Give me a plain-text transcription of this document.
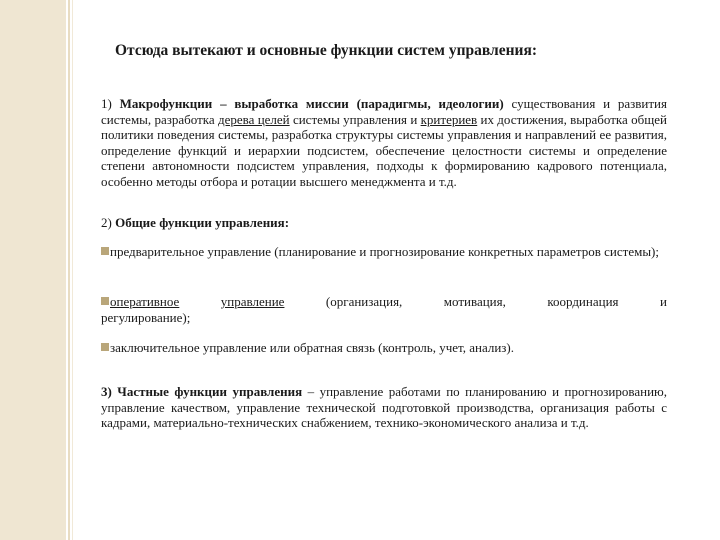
Отсюда вытекают и основные функции систем управления:
1) Макрофункции – выработка миссии (парадигмы, идеологии) существования и развития системы, разработка дерева целей системы управления и критериев их достижения, выработка общей политики поведения системы, разработка структуры системы управления и направлений ее развития, определение функций и иерархии подсистем, обеспечение целостности системы и определение степени автономности подсистем управления, подходы к формированию кадрового потенциала, особенно методы отбора и ротации высшего менеджмента и т.д.
2) Общие функции управления:
предварительное управление (планирование и прогнозирование конкретных параметров системы);
оперативное	управление	(организация,	мотивация,	координация	и
регулирование);
заключительное управление или обратная связь (контроль, учет, анализ).
3) Частные функции управления – управление работами по планированию и прогнозированию, управление качеством, управление технической подготовкой производства, организация работы с кадрами, материально-технических снабжением, технико-экономического анализа и т.д.
